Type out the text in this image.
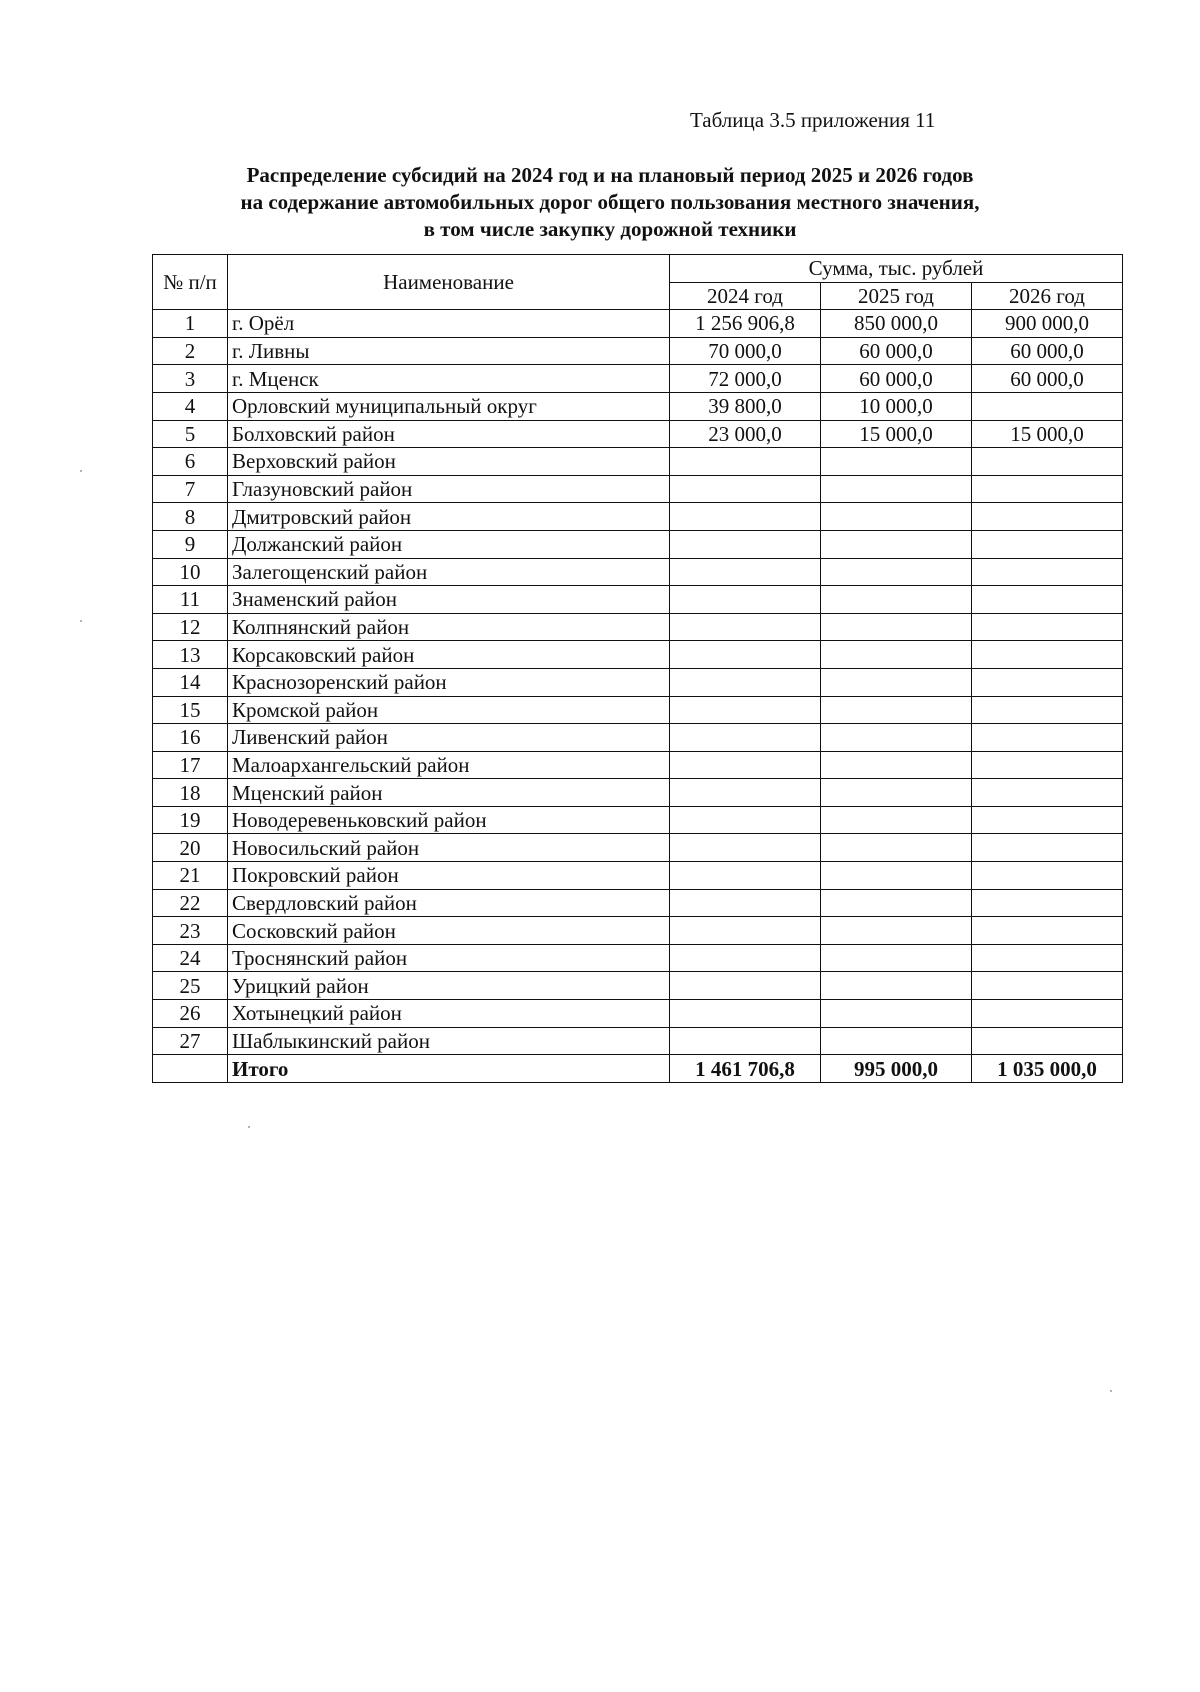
Таблица 3.5 приложения 11
Распределение субсидий на 2024 год и на плановый период 2025 и 2026 годов
на содержание автомобильных дорог общего пользования местного значения,
в том числе закупку дорожной техники
№ п/п	Наименование	Сумма, тыс. рублей		
		2024 год	2025 год	2026 год
1	г. Орёл	1 256 906,8	850 000,0	900 000,0
2	г. Ливны	70 000,0	60 000,0	60 000,0
3	г. Мценск	72 000,0	60 000,0	60 000,0
4	Орловский муниципальный округ	39 800,0	10 000,0	
5	Болховский район	23 000,0	15 000,0	15 000,0
6	Верховский район			
7	Глазуновский район			
8	Дмитровский район			
9	Должанский район			
10	Залегощенский район			
11	Знаменский район			
12	Колпнянский район			
13	Корсаковский район			
14	Краснозоренский район			
15	Кромской район			
16	Ливенский район			
17	Малоархангельский район			
18	Мценский район			
19	Новодеревеньковский район			
20	Новосильский район			
21	Покровский район			
22	Свердловский район			
23	Сосковский район			
24	Троснянский район			
25	Урицкий район			
26	Хотынецкий район			
27	Шаблыкинский район			
	Итого	1 461 706,8	995 000,0	1 035 000,0
